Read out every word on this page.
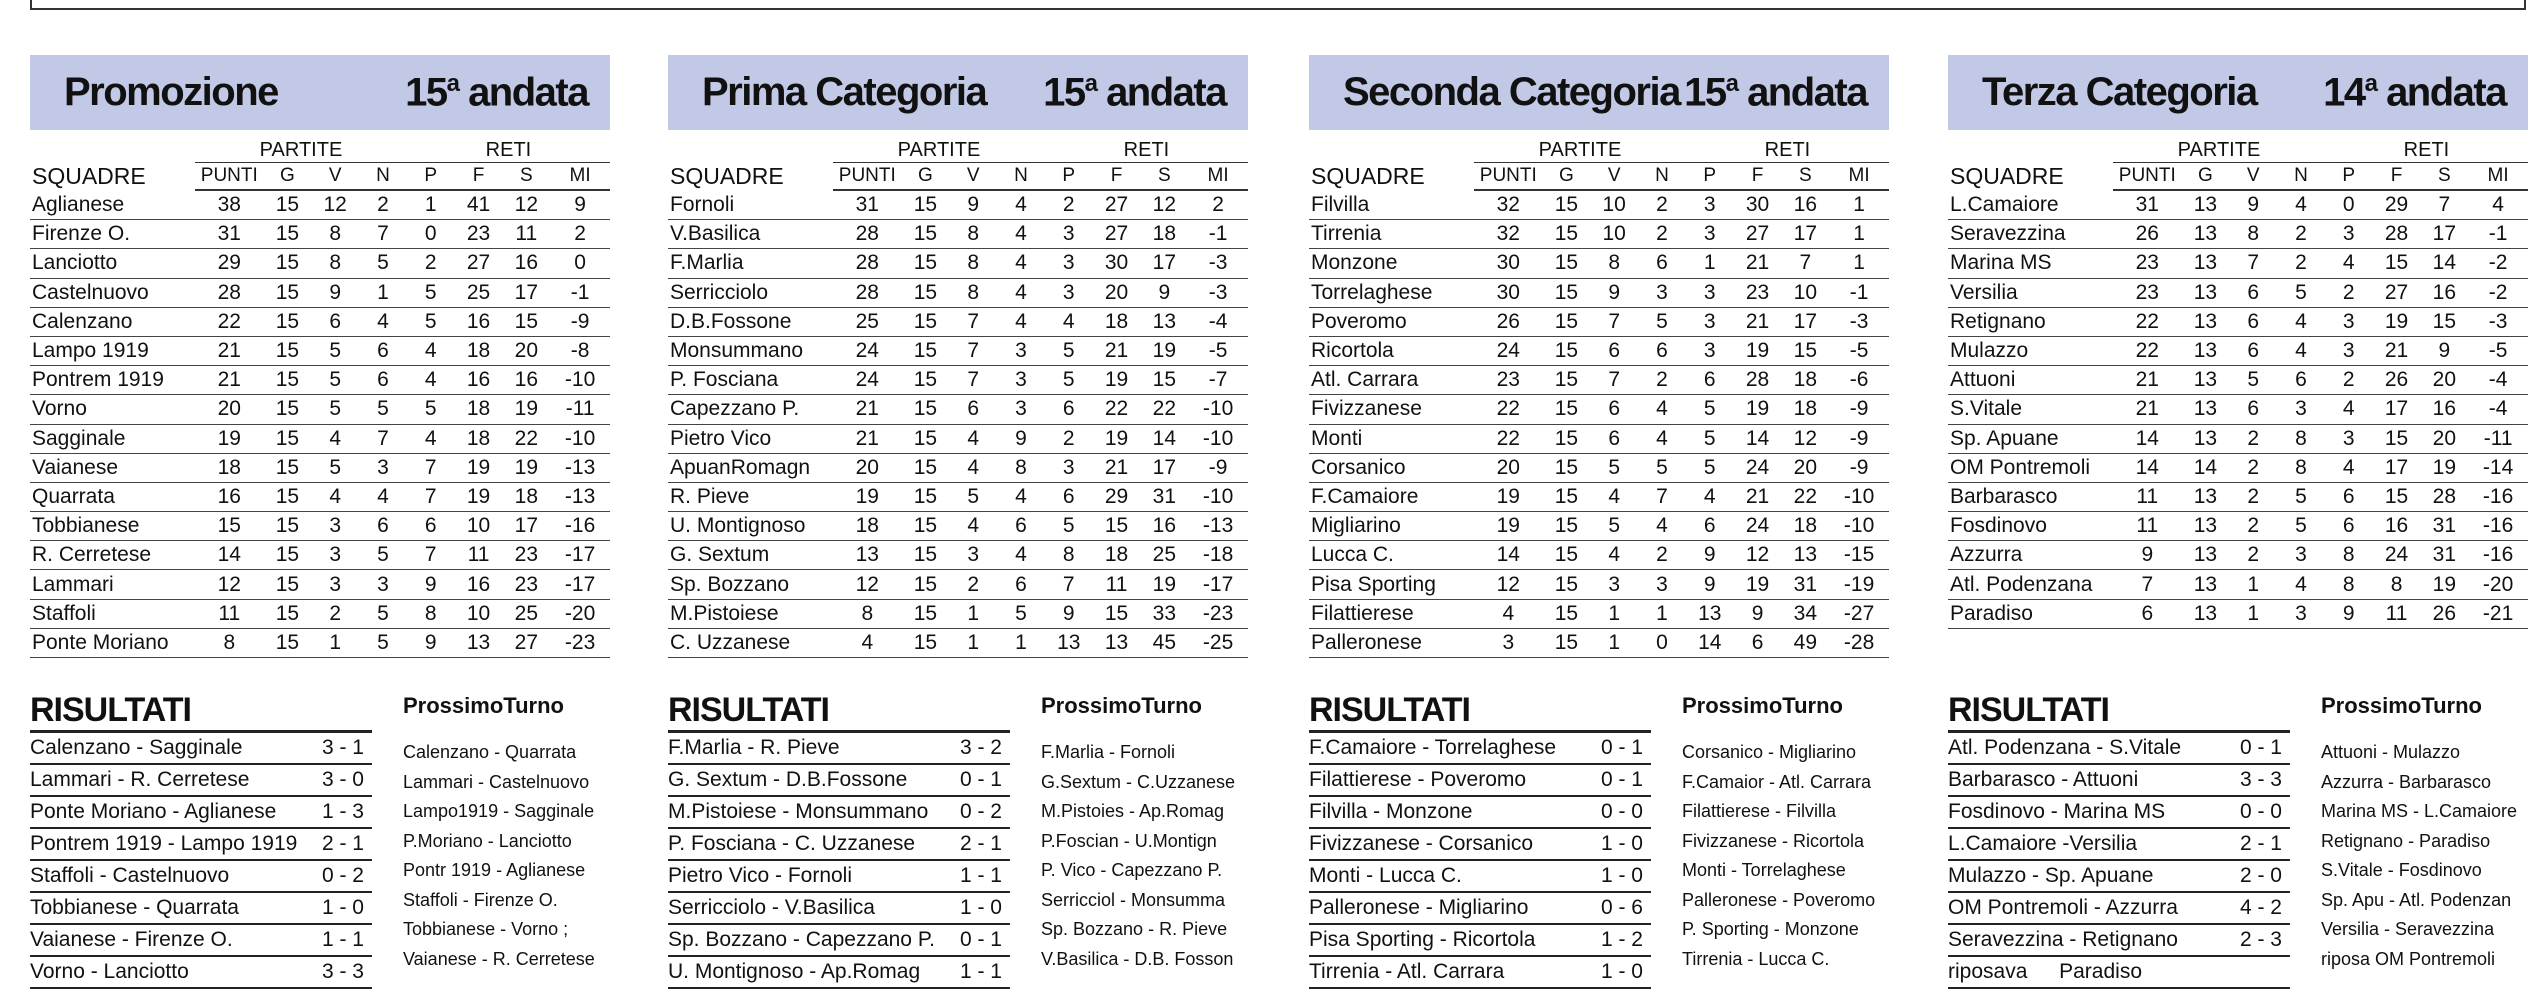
Promozione	15$^a$ andata
SQUADRE	PARTITE				RETI			
	PUNTI	G	V	N	P	F	S	MI
Aglianese	38	15	12	2	1	41	12	9
Firenze O.	31	15	8	7	0	23	11	2
Lanciotto	29	15	8	5	2	27	16	0
Castelnuovo	28	15	9	1	5	25	17	-1
Calenzano	22	15	6	4	5	16	15	-9
Lampo 1919	21	15	5	6	4	18	20	-8
Pontrem 1919	21	15	5	6	4	16	16	-10
Vorno	20	15	5	5	5	18	19	-11
Sagginale	19	15	4	7	4	18	22	-10
Vaianese	18	15	5	3	7	19	19	-13
Quarrata	16	15	4	4	7	19	18	-13
Tobbianese	15	15	3	6	6	10	17	-16
R. Cerretese	14	15	3	5	7	11	23	-17
Lammari	12	15	3	3	9	16	23	-17
Staffoli	11	15	2	5	8	10	25	-20
Ponte Moriano	8	15	1	5	9	13	27	-23
RISULTATI
Calenzano - Sagginale	3 - 1
Lammari - R. Cerretese	3 - 0
Ponte Moriano - Aglianese 1 - 3
Pontrem 1919 - Lampo 1919 2 - 1
Staffoli - Castelnuovo	0 - 2
Tobbianese - Quarrata	1 - 0
Vaianese - Firenze O.	1 - 1
Vorno - Lanciotto	3 - 3
ProssimoTurno
Calenzano - Quarrata
Lammari - Castelnuovo
Lampo1919 - Sagginale
P.Moriano - Lanciotto
Pontr 1919 - Aglianese
Staffoli - Firenze O.
Tobbianese - Vorno ;
Vaianese - R. Cerretese
Prima Categoria 15$^a$ andata
SQUADRE	PARTITE				RETI			
	PUNTI	G	V	N	P	F	S	MI
Fornoli	31	15	9	4	2	27	12	2
V.Basilica	28	15	8	4	3	27	18	-1
F.Marlia	28	15	8	4	3	30	17	-3
Serricciolo	28	15	8	4	3	20	9	-3
D.B.Fossone	25	15	7	4	4	18	13	-4
Monsummano	24	15	7	3	5	21	19	-5
P. Fosciana	24	15	7	3	5	19	15	-7
Capezzano P.	21	15	6	3	6	22	22	-10
Pietro Vico	21	15	4	9	2	19	14	-10
ApuanRomagn	20	15	4	8	3	21	17	-9
R. Pieve	19	15	5	4	6	29	31	-10
U. Montignoso	18	15	4	6	5	15	16	-13
G. Sextum	13	15	3	4	8	18	25	-18
Sp. Bozzano	12	15	2	6	7	11	19	-17
M.Pistoiese	8	15	1	5	9	15	33	-23
C. Uzzanese	4	15	1	1	13	13	45	-25
RISULTATI
F.Marlia - R. Pieve	3 - 2
G. Sextum - D.B.Fossone	0 - 1
M.Pistoiese - Monsummano 0 - 2
P. Fosciana - C. Uzzanese 2 - 1
Pietro Vico - Fornoli	1 - 1
Serricciolo - V.Basilica	1 - 0
Sp. Bozzano - Capezzano P. 0 - 1
U. Montignoso - Ap.Romag 1 - 1
ProssimoTurno
F.Marlia - Fornoli
G.Sextum - C.Uzzanese
M.Pistoies - Ap.Romag
P.Foscian - U.Montign
P. Vico - Capezzano P.
Serricciol - Monsumma
Sp. Bozzano - R. Pieve
V.Basilica - D.B. Fosson
Seconda Categoria 15$^a$ andata
SQUADRE	PARTITE				RETI			
	PUNTI	G	V	N	P	F	S	MI
Filvilla	32	15	10	2	3	30	16	1
Tirrenia	32	15	10	2	3	27	17	1
Monzone	30	15	8	6	1	21	7	1
Torrelaghese	30	15	9	3	3	23	10	-1
Poveromo	26	15	7	5	3	21	17	-3
Ricortola	24	15	6	6	3	19	15	-5
Atl. Carrara	23	15	7	2	6	28	18	-6
Fivizzanese	22	15	6	4	5	19	18	-9
Monti	22	15	6	4	5	14	12	-9
Corsanico	20	15	5	5	5	24	20	-9
F.Camaiore	19	15	4	7	4	21	22	-10
Migliarino	19	15	5	4	6	24	18	-10
Lucca C.	14	15	4	2	9	12	13	-15
Pisa Sporting	12	15	3	3	9	19	31	-19
Filattierese	4	15	1	1	13	9	34	-27
Palleronese	3	15	1	0	14	6	49	-28
RISULTATI
F.Camaiore - Torrelaghese 0 - 1
Filattierese - Poveromo	0 - 1
Filvilla - Monzone	0 - 0
Fivizzanese - Corsanico	1 - 0
Monti - Lucca C.	1 - 0
Palleronese - Migliarino	0 - 6
Pisa Sporting - Ricortola	1 - 2
Tirrenia - Atl. Carrara	1 - 0
ProssimoTurno
Corsanico - Migliarino
F.Camaior - Atl. Carrara
Filattierese - Filvilla
Fivizzanese - Ricortola
Monti - Torrelaghese
Palleronese - Poveromo
P. Sporting - Monzone
Tirrenia - Lucca C.
Terza Categoria 14$^a$ andata
SQUADRE	PARTITE				RETI			
	PUNTI	G	V	N	P	F	S	MI
L.Camaiore	31	13	9	4	0	29	7	4
Seravezzina	26	13	8	2	3	28	17	-1
Marina MS	23	13	7	2	4	15	14	-2
Versilia	23	13	6	5	2	27	16	-2
Retignano	22	13	6	4	3	19	15	-3
Mulazzo	22	13	6	4	3	21	9	-5
Attuoni	21	13	5	6	2	26	20	-4
S.Vitale	21	13	6	3	4	17	16	-4
Sp. Apuane	14	13	2	8	3	15	20	-11
OM Pontremoli	14	14	2	8	4	17	19	-14
Barbarasco	11	13	2	5	6	15	28	-16
Fosdinovo	11	13	2	5	6	16	31	-16
Azzurra	9	13	2	3	8	24	31	-16
Atl. Podenzana	7	13	1	4	8	8	19	-20
Paradiso	6	13	1	3	9	11	26	-21
RISULTATI
Atl. Podenzana - S.Vitale	0 - 1
Barbarasco - Attuoni	3 - 3
Fosdinovo - Marina MS	0 - 0
L.Camaiore -Versilia	2 - 1
Mulazzo - Sp. Apuane	2 - 0
OM Pontremoli - Azzurra	4 - 2
Seravezzina - Retignano	2 - 3
riposava Paradiso
ProssimoTurno
Attuoni - Mulazzo
Azzurra - Barbarasco
Marina MS - L.Camaiore
Retignano - Paradiso
S.Vitale - Fosdinovo
Sp. Apu - Atl. Podenzan
Versilia - Seravezzina
riposa OM Pontremoli
